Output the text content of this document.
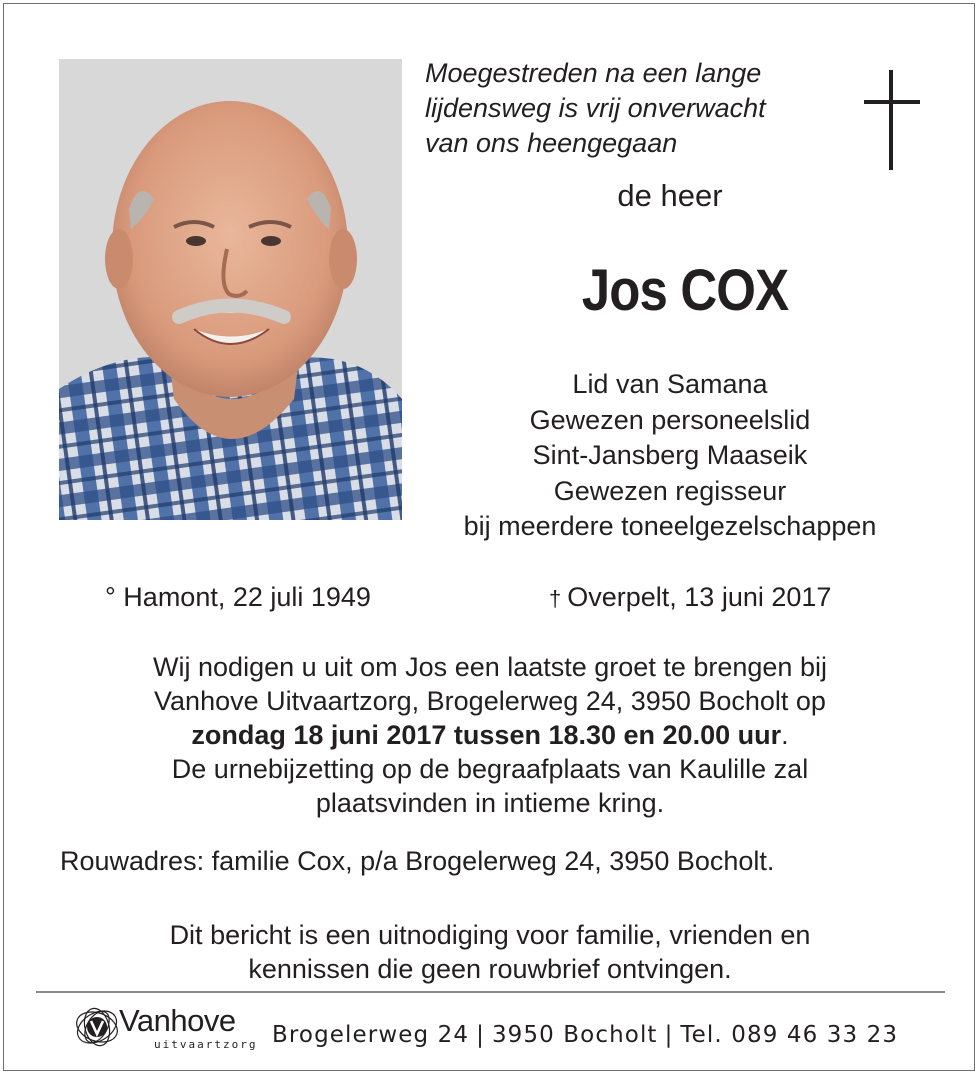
Moegestreden na een lange
lijdensweg is vrij onverwacht
van ons heengegaan
de heer
Jos COX
Lid van Samana
Gewezen personeelslid
Sint-Jansberg Maaseik
Gewezen regisseur
bij meerdere toneelgezelschappen
° Hamont, 22 juli 1949	† Overpelt, 13 juni 2017
Wij nodigen u uit om Jos een laatste groet te brengen bij
Vanhove Uitvaartzorg, Brogelerweg 24, 3950 Bocholt op
zondag 18 juni 2017 tussen 18.30 en 20.00 uur.
De urnebijzetting op de begraafplaats van Kaulille zal
plaatsvinden in intieme kring.
Rouwadres: familie Cox, p/a Brogelerweg 24, 3950 Bocholt.
Dit bericht is een uitnodiging voor familie, vrienden en
kennissen die geen rouwbrief ontvingen.
Vanhove
uitvaartzorg Brogelerweg 24 | 3950 Bocholt | Tel. 089 46 33 23
